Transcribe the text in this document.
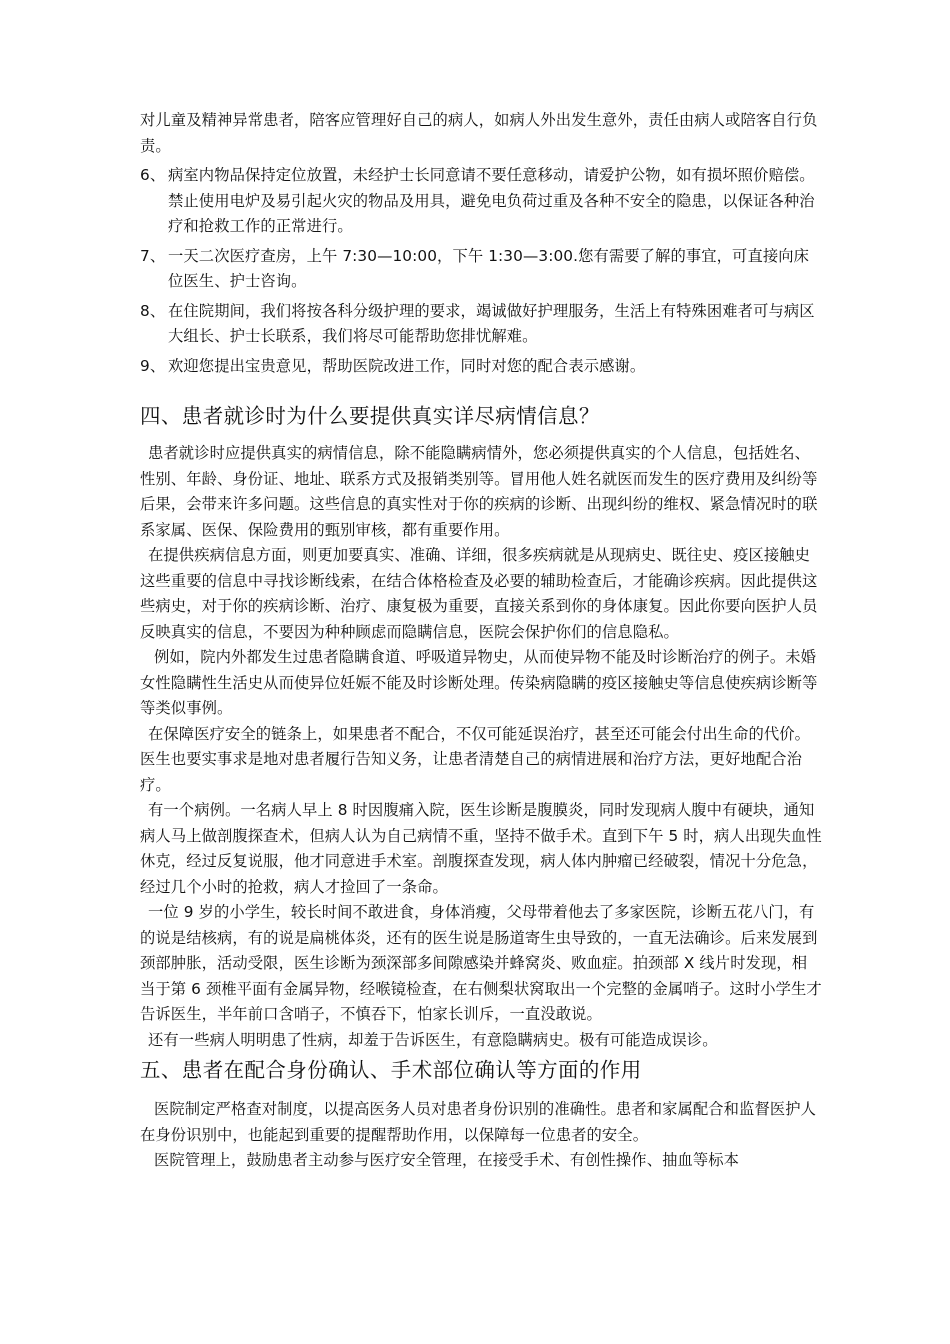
对儿童及精神异常患者，陪客应管理好自己的病人，如病人外出发生意外，责任由病人或陪客自行负责。

6、 病室内物品保持定位放置，未经护士长同意请不要任意移动，请爱护公物，如有损坏照价赔偿。禁止使用电炉及易引起火灾的物品及用具，避免电负荷过重及各种不安全的隐患，以保证各种治疗和抢救工作的正常进行。
7、 一天二次医疗查房，上午 7:30—10:00，下午 1:30—3:00.您有需要了解的事宜，可直接向床位医生、护士咨询。
8、 在住院期间，我们将按各科分级护理的要求，竭诚做好护理服务，生活上有特殊困难者可与病区大组长、护士长联系，我们将尽可能帮助您排忧解难。
9、 欢迎您提出宝贵意见，帮助医院改进工作，同时对您的配合表示感谢。
四、患者就诊时为什么要提供真实详尽病情信息？

患者就诊时应提供真实的病情信息，除不能隐瞒病情外，您必须提供真实的个人信息，包括姓名、性别、年龄、身份证、地址、联系方式及报销类别等。冒用他人姓名就医而发生的医疗费用及纠纷等后果，会带来许多问题。这些信息的真实性对于你的疾病的诊断、出现纠纷的维权、紧急情况时的联系家属、医保、保险费用的甄别审核，都有重要作用。

在提供疾病信息方面，则更加要真实、准确、详细，很多疾病就是从现病史、既往史、疫区接触史这些重要的信息中寻找诊断线索，在结合体格检查及必要的辅助检查后，才能确诊疾病。因此提供这些病史，对于你的疾病诊断、治疗、康复极为重要，直接关系到你的身体康复。因此你要向医护人员反映真实的信息，不要因为种种顾虑而隐瞒信息，医院会保护你们的信息隐私。

例如，院内外都发生过患者隐瞒食道、呼吸道异物史，从而使异物不能及时诊断治疗的例子。未婚女性隐瞒性生活史从而使异位妊娠不能及时诊断处理。传染病隐瞒的疫区接触史等信息使疾病诊断等等类似事例。

在保障医疗安全的链条上，如果患者不配合，不仅可能延误治疗，甚至还可能会付出生命的代价。医生也要实事求是地对患者履行告知义务，让患者清楚自己的病情进展和治疗方法，更好地配合治疗。

有一个病例。一名病人早上 8 时因腹痛入院，医生诊断是腹膜炎，同时发现病人腹中有硬块，通知病人马上做剖腹探查术，但病人认为自己病情不重，坚持不做手术。直到下午 5 时，病人出现失血性休克，经过反复说服，他才同意进手术室。剖腹探查发现，病人体内肿瘤已经破裂，情况十分危急，经过几个小时的抢救，病人才捡回了一条命。

一位 9 岁的小学生，较长时间不敢进食，身体消瘦，父母带着他去了多家医院，诊断五花八门，有的说是结核病，有的说是扁桃体炎，还有的医生说是肠道寄生虫导致的，一直无法确诊。后来发展到颈部肿胀，活动受限，医生诊断为颈深部多间隙感染并蜂窝炎、败血症。拍颈部 X 线片时发现，相当于第 6 颈椎平面有金属异物，经喉镜检查，在右侧梨状窝取出一个完整的金属哨子。这时小学生才告诉医生，半年前口含哨子，不慎吞下，怕家长训斥，一直没敢说。

还有一些病人明明患了性病，却羞于告诉医生，有意隐瞒病史。极有可能造成误诊。

五、患者在配合身份确认、手术部位确认等方面的作用

医院制定严格查对制度，以提高医务人员对患者身份识别的准确性。患者和家属配合和监督医护人在身份识别中，也能起到重要的提醒帮助作用，以保障每一位患者的安全。

医院管理上，鼓励患者主动参与医疗安全管理，在接受手术、有创性操作、抽血等标本
